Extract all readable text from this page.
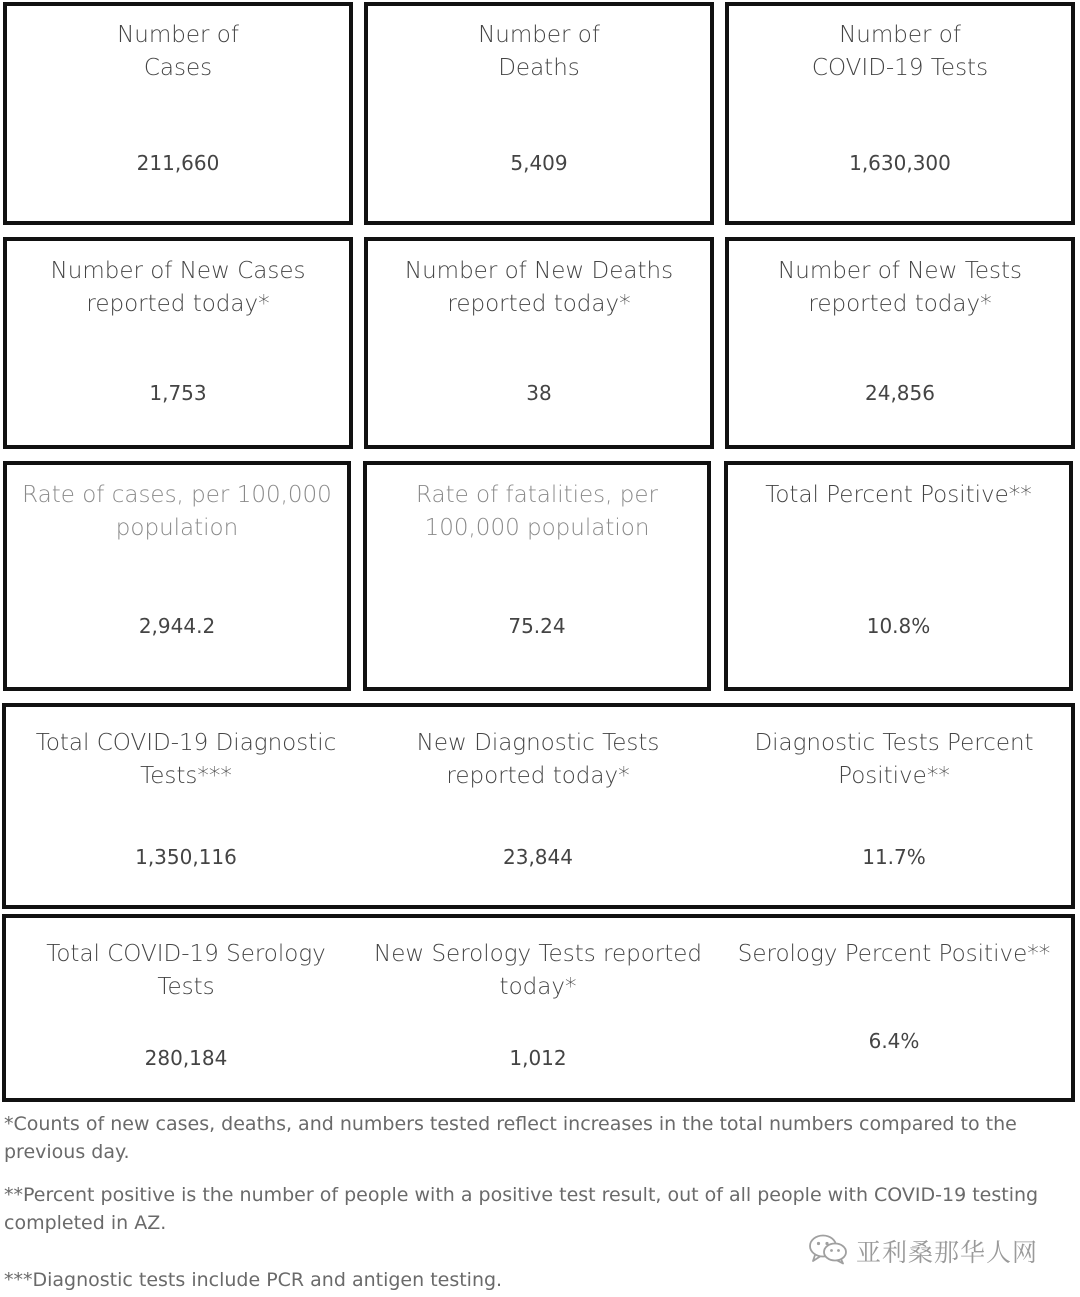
Number of
Cases
211,660
Number of
Deaths
5,409
Number of
COVID-19 Tests
1,630,300
Number of New Cases
reported today*
1,753
Number of New Deaths
reported today*
38
Number of New Tests
reported today*
24,856
Rate of cases, per 100,000
population
2,944.2
Rate of fatalities, per
100,000 population
75.24
Total Percent Positive**
10.8%
Total COVID-19 Diagnostic
Tests***
1,350,116
New Diagnostic Tests
reported today*
23,844
Diagnostic Tests Percent
Positive**
11.7%
Total COVID-19 Serology
Tests
280,184
New Serology Tests reported
today*
1,012
Serology Percent Positive**
6.4%
*Counts of new cases, deaths, and numbers tested reflect increases in the total numbers compared to the previous day.
**Percent positive is the number of people with a positive test result, out of all people with COVID-19 testing completed in AZ.
***Diagnostic tests include PCR and antigen testing.
亚利桑那华人网
